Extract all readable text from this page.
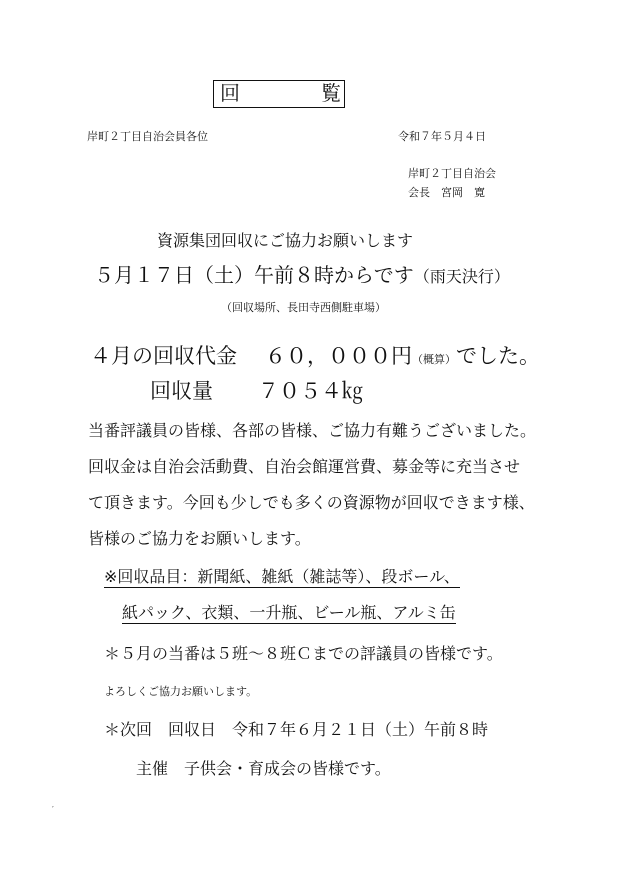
回	覧
岸町２丁目自治会員各位	令和７年５月４日
岸町２丁目自治会
会長　宮岡　寛
資源集団回収にご協力お願いします
５月１７日（土）午前８時からです（雨天決行）
（回収場所、長田寺西側駐車場）
４月の回収代金 ６０，０００円（概算）でした。
回収量 ７０５４㎏
当番評議員の皆様、各部の皆様、ご協力有難うございました。
回収金は自治会活動費、自治会館運営費、募金等に充当させ
て頂きます。今回も少しでも多くの資源物が回収できます様、
皆様のご協力をお願いします。
※回収品目：新聞紙、雑紙（雑誌等）、段ボール、
紙パック、衣類、一升瓶、ビール瓶、アルミ缶
＊５月の当番は５班～８班Ｃまでの評議員の皆様です。
よろしくご協力お願いします。
＊次回　回収日　令和７年６月２１日（土）午前８時
主催　子供会・育成会の皆様です。
′
